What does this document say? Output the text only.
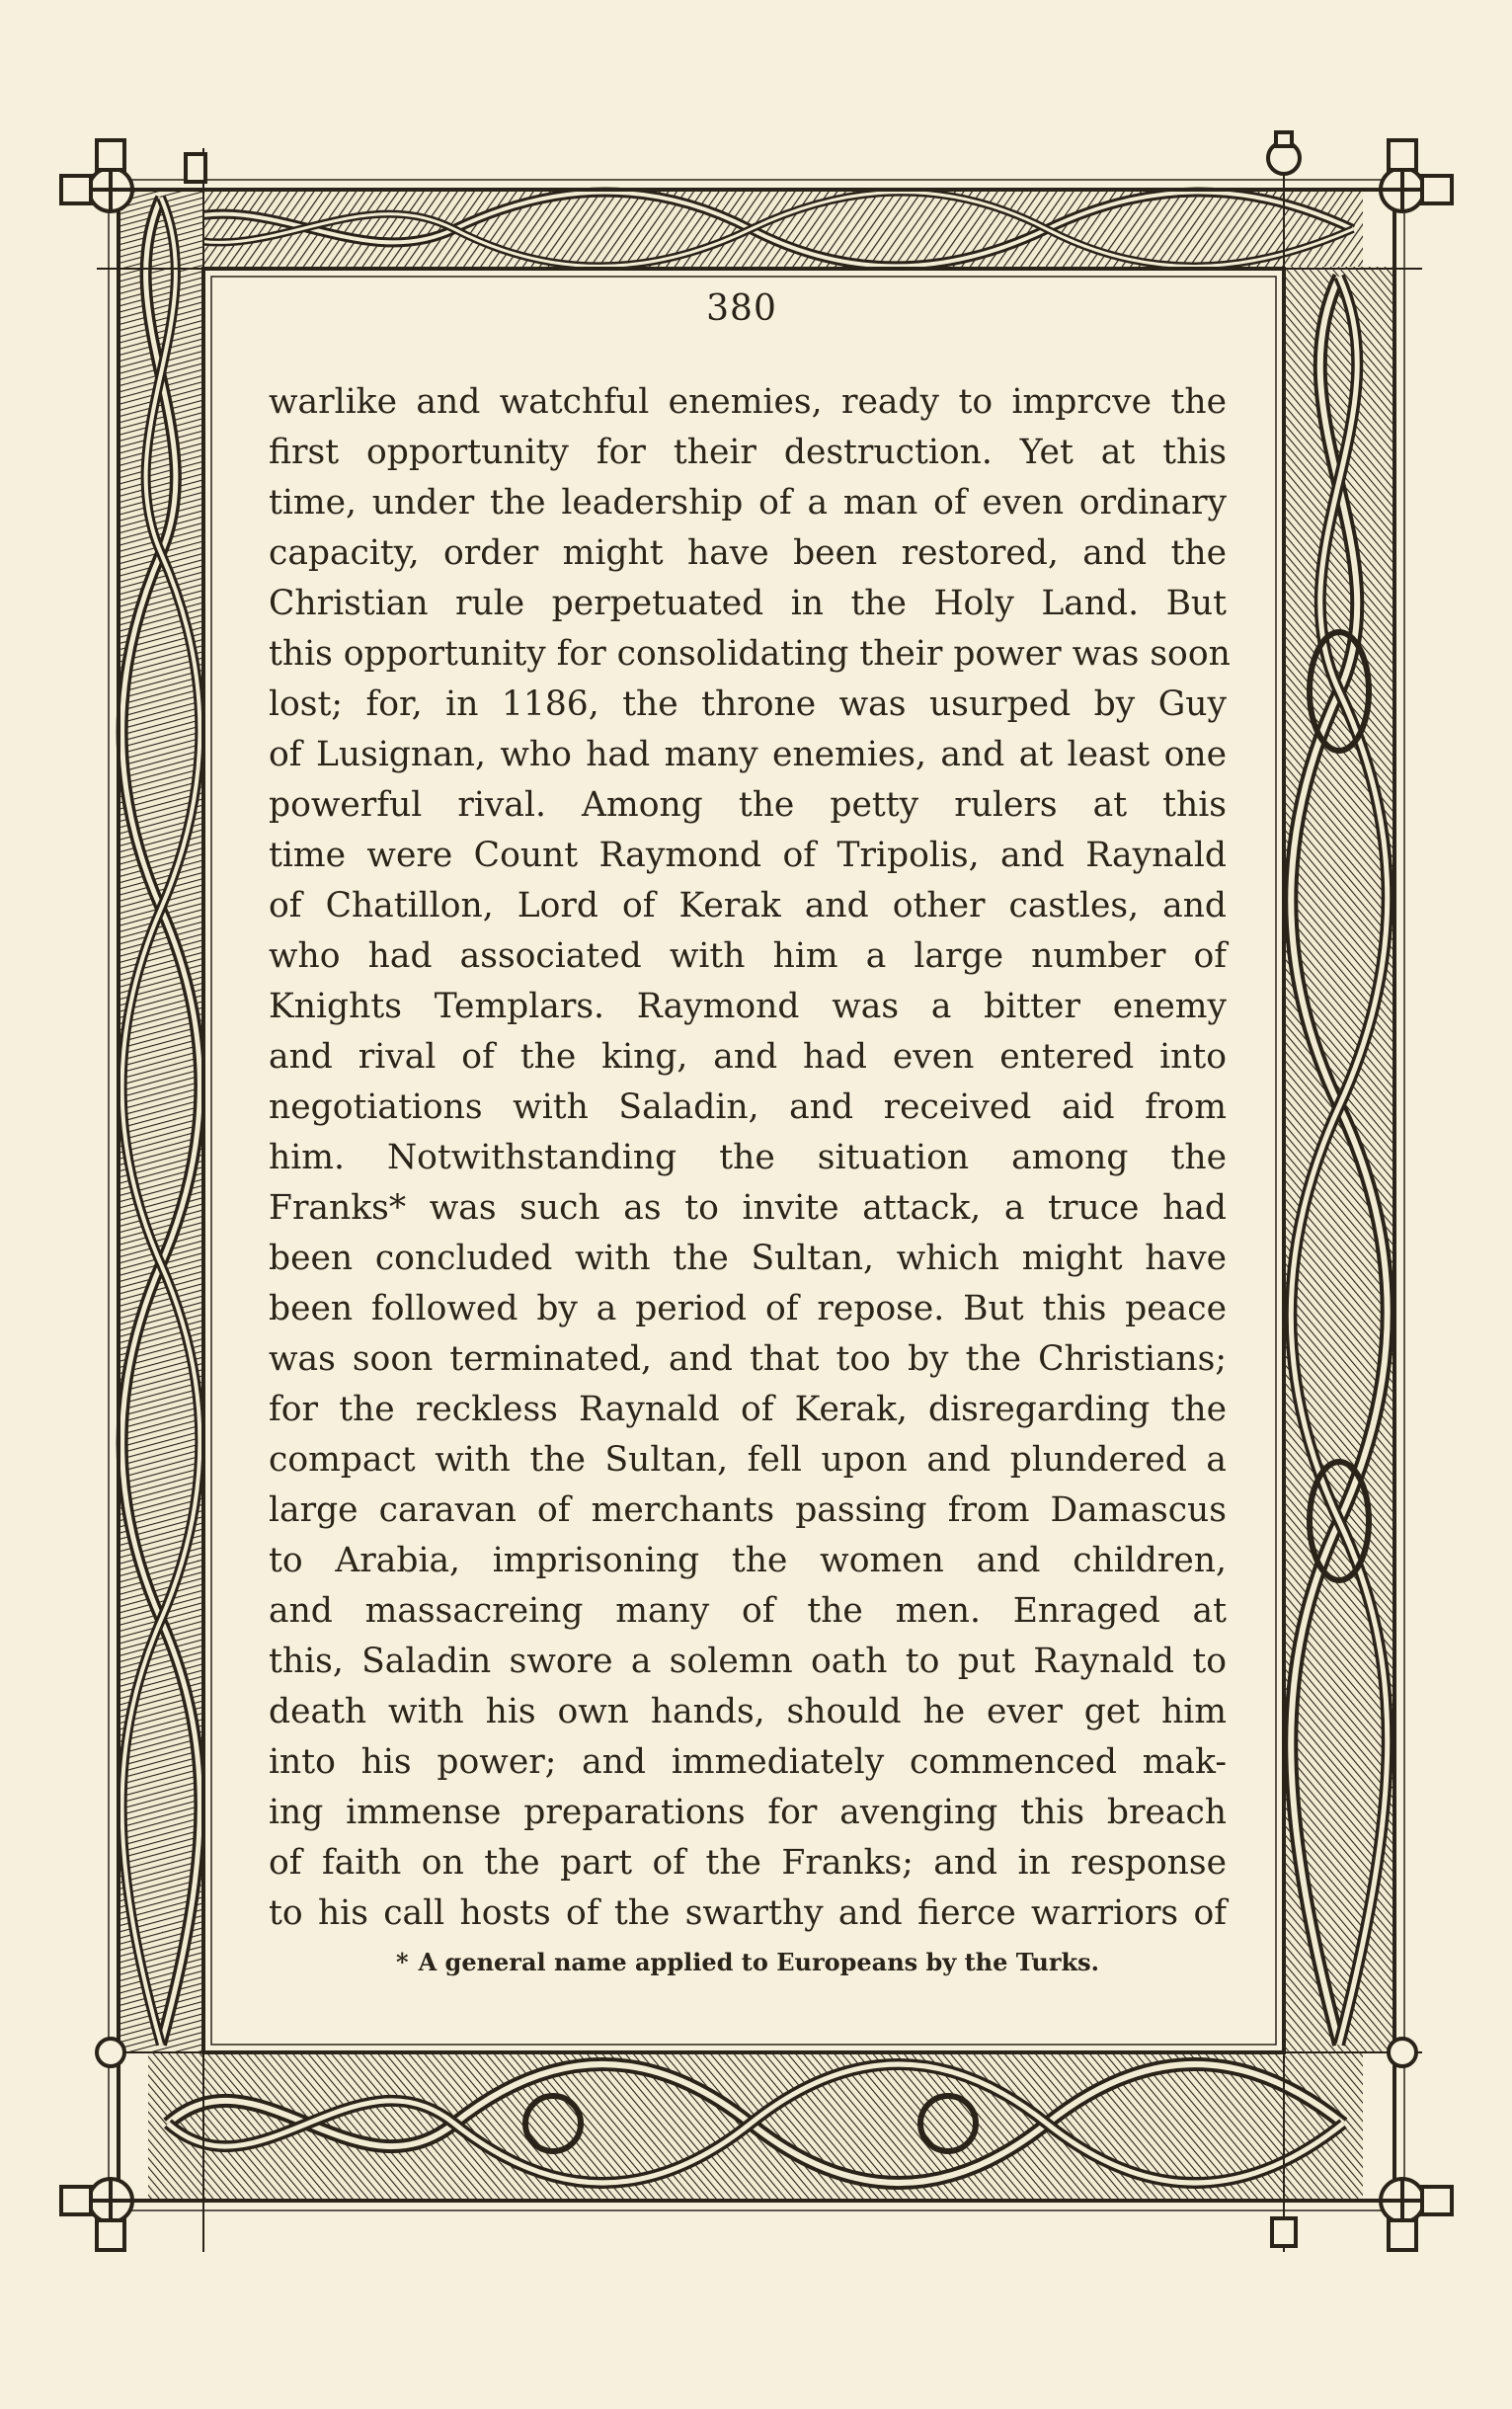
380
warlike and watchful enemies, ready to imprcve the
first opportunity for their destruction. Yet at this
time, under the leadership of a man of even ordinary
capacity, order might have been restored, and the
Christian rule perpetuated in the Holy Land. But
this opportunity for consolidating their power was soon
lost; for, in 1186, the throne was usurped by Guy
of Lusignan, who had many enemies, and at least one
powerful rival. Among the petty rulers at this
time were Count Raymond of Tripolis, and Raynald
of Chatillon, Lord of Kerak and other castles, and
who had associated with him a large number of
Knights Templars. Raymond was a bitter enemy
and rival of the king, and had even entered into
negotiations with Saladin, and received aid from
him. Notwithstanding the situation among the
Franks* was such as to invite attack, a truce had
been concluded with the Sultan, which might have
been followed by a period of repose. But this peace
was soon terminated, and that too by the Christians;
for the reckless Raynald of Kerak, disregarding the
compact with the Sultan, fell upon and plundered a
large caravan of merchants passing from Damascus
to Arabia, imprisoning the women and children,
and massacreing many of the men. Enraged at
this, Saladin swore a solemn oath to put Raynald to
death with his own hands, should he ever get him
into his power; and immediately commenced mak-
ing immense preparations for avenging this breach
of faith on the part of the Franks; and in response
to his call hosts of the swarthy and fierce warriors of
* A general name applied to Europeans by the Turks.
